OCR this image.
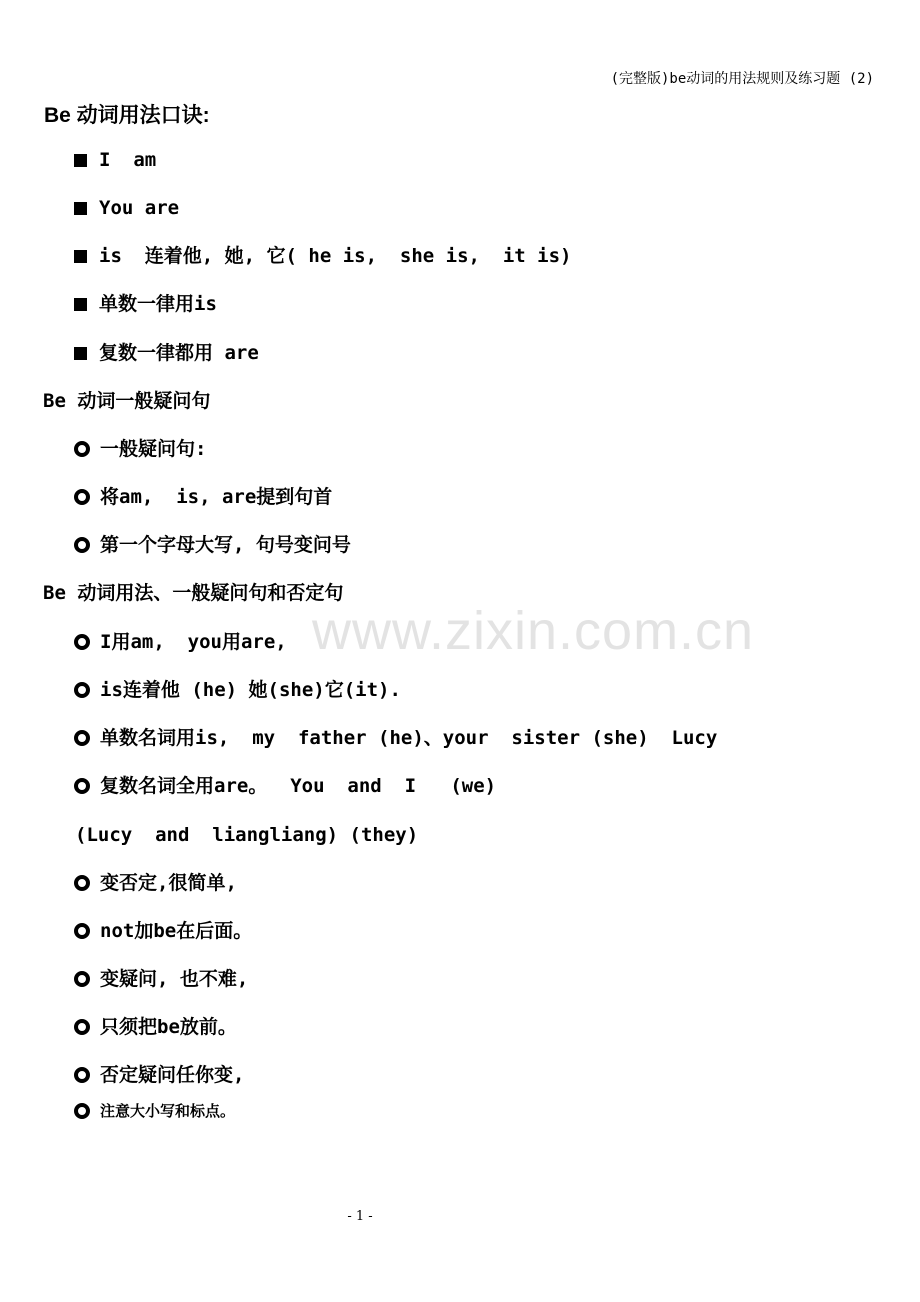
(完整版)be动词的用法规则及练习题 (2)
www.zixin.com.cn
Be 动词用法口诀:
I  am
You are
is  连着他, 她, 它( he is,  she is,  it is)
单数一律用is
复数一律都用 are
Be 动词一般疑问句
一般疑问句:
将am,  is, are提到句首
第一个字母大写, 句号变问号
Be 动词用法、一般疑问句和否定句
I用am,  you用are,
is连着他 (he) 她(she)它(it).
单数名词用is,  my  father (he)、your  sister (she)  Lucy
复数名词全用are。  You  and  I   (we)
(Lucy  and  liangliang) (they)
变否定,很简单,
not加be在后面。
变疑问, 也不难,
只须把be放前。
否定疑问任你变,
注意大小写和标点。
- 1 -
